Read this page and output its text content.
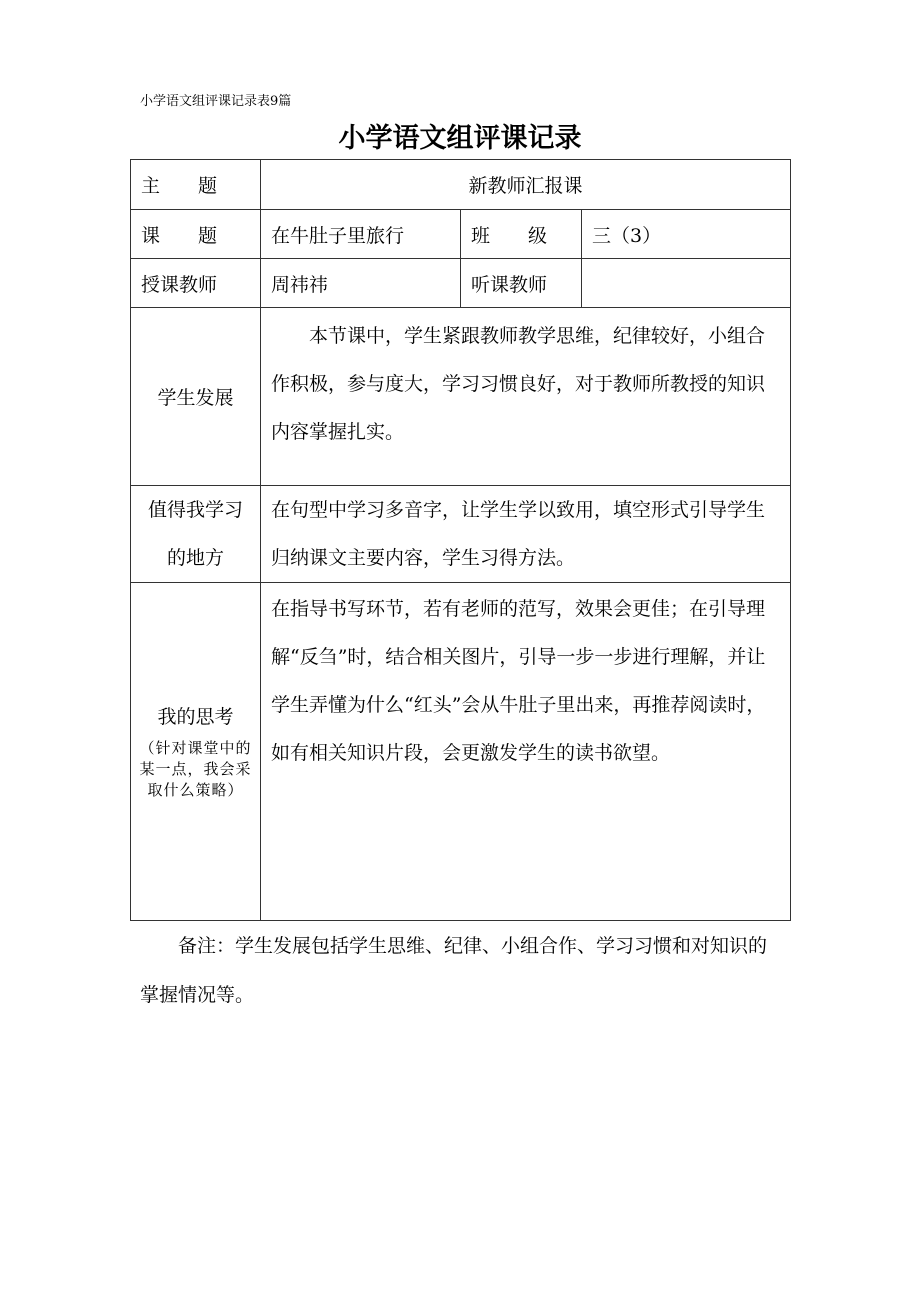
小学语文组评课记录表9篇
小学语文组评课记录
主　　题	新教师汇报课		
课　　题	在牛肚子里旅行	班　　级	三（3）
授课教师	周祎祎	听课教师	
学生发展	本节课中，学生紧跟教师教学思维，纪律较好，小组合作积极，参与度大，学习习惯良好，对于教师所教授的知识内容掌握扎实。		

值得我学习的地方	在句型中学习多音字，让学生学以致用，填空形式引导学生归纳课文主要内容，学生习得方法。		

我的思考
（针对课堂中的某一点，我会采取什么策略）	在指导书写环节，若有老师的范写，效果会更佳；在引导理解“反刍”时，结合相关图片，引导一步一步进行理解，并让学生弄懂为什么“红头”会从牛肚子里出来，再推荐阅读时，如有相关知识片段，会更激发学生的读书欲望。		
备注：学生发展包括学生思维、纪律、小组合作、学习习惯和对知识的掌握情况等。
